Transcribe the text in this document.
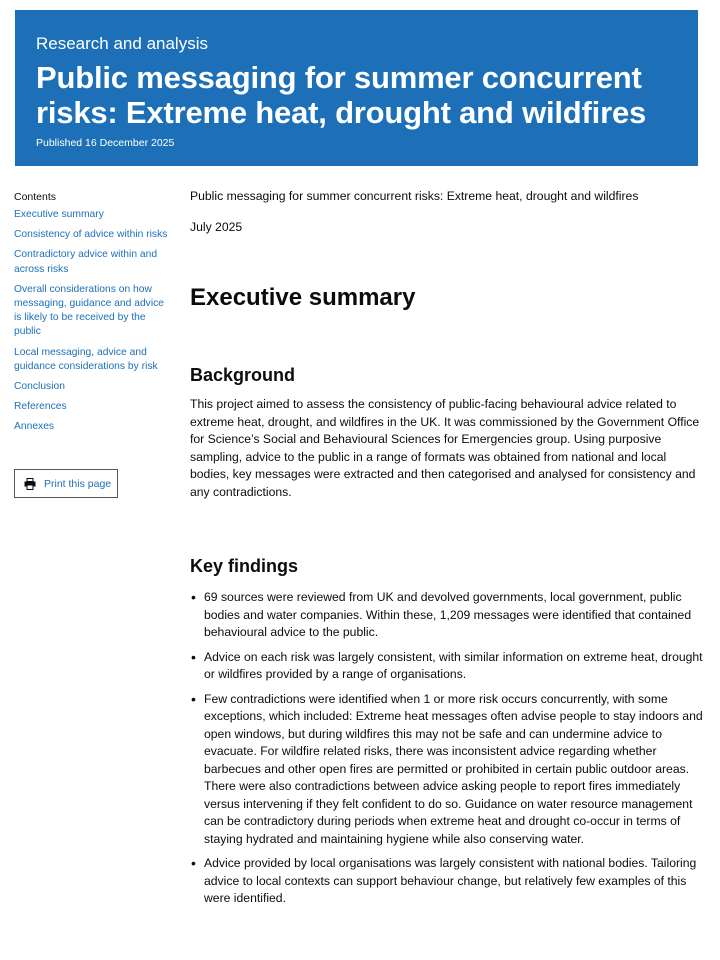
Research and analysis
Public messaging for summer concurrent risks: Extreme heat, drought and wildfires
Published 16 December 2025
Contents
Executive summary
Consistency of advice within risks
Contradictory advice within and across risks
Overall considerations on how messaging, guidance and advice is likely to be received by the public
Local messaging, advice and guidance considerations by risk
Conclusion
References
Annexes
Print this page

Public messaging for summer concurrent risks: Extreme heat, drought and wildfires

July 2025
Executive summary
Background

This project aimed to assess the consistency of public-facing behavioural advice related to extreme heat, drought, and wildfires in the UK. It was commissioned by the Government Office for Science’s Social and Behavioural Sciences for Emergencies group. Using purposive sampling, advice to the public in a range of formats was obtained from national and local bodies, key messages were extracted and then categorised and analysed for consistency and any contradictions.

Key findings
• 69 sources were reviewed from UK and devolved governments, local government, public bodies and water companies. Within these, 1,209 messages were identified that contained behavioural advice to the public.
• Advice on each risk was largely consistent, with similar information on extreme heat, drought or wildfires provided by a range of organisations.
• Few contradictions were identified when 1 or more risk occurs concurrently, with some exceptions, which included: Extreme heat messages often advise people to stay indoors and open windows, but during wildfires this may not be safe and can undermine advice to evacuate. For wildfire related risks, there was inconsistent advice regarding whether barbecues and other open fires are permitted or prohibited in certain public outdoor areas. There were also contradictions between advice asking people to report fires immediately versus intervening if they felt confident to do so. Guidance on water resource management can be contradictory during periods when extreme heat and drought co-occur in terms of staying hydrated and maintaining hygiene while also conserving water.
• Advice provided by local organisations was largely consistent with national bodies. Tailoring advice to local contexts can support behaviour change, but relatively few examples of this were identified.
